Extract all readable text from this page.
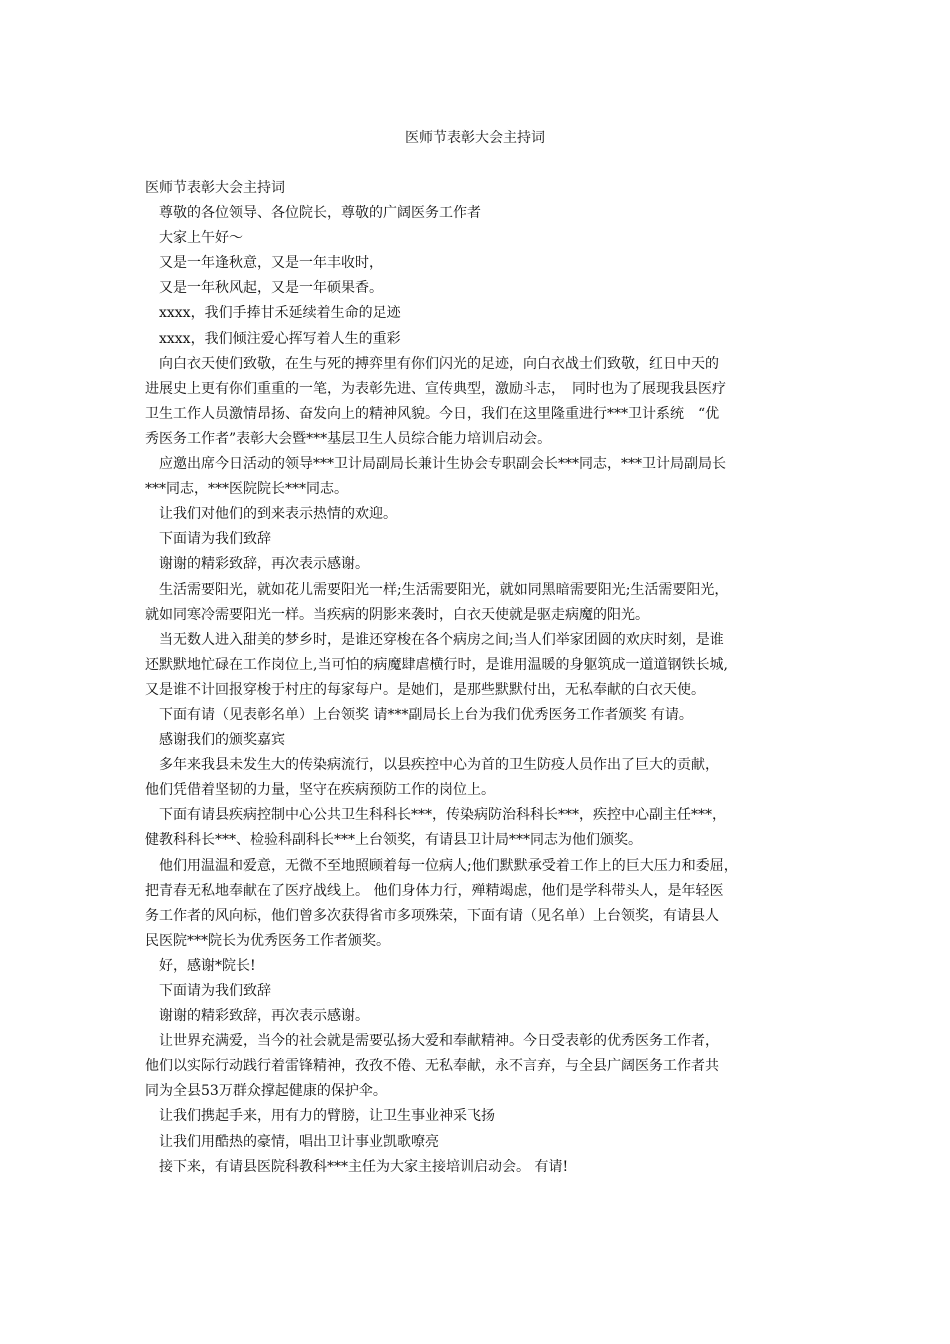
医师节表彰大会主持词

医师节表彰大会主持词

　尊敬的各位领导、各位院长，尊敬的广阔医务工作者

　大家上午好～

　又是一年逢秋意，又是一年丰收时，

　又是一年秋风起，又是一年硕果香。

　xxxx，我们手捧甘禾延续着生命的足迹

　xxxx，我们倾注爱心挥写着人生的重彩

　向白衣天使们致敬，在生与死的搏弈里有你们闪光的足迹，向白衣战士们致敬，红日中天的

进展史上更有你们重重的一笔，为表彰先进、宣传典型，激励斗志，　同时也为了展现我县医疗

卫生工作人员激情昂扬、奋发向上的精神风貌。今日，我们在这里隆重进行***卫计系统　“优

秀医务工作者”表彰大会暨***基层卫生人员综合能力培训启动会。

　应邀出席今日活动的领导***卫计局副局长兼计生协会专职副会长***同志，***卫计局副局长

***同志，***医院院长***同志。

　让我们对他们的到来表示热情的欢迎。

　下面请为我们致辞

　谢谢的精彩致辞，再次表示感谢。

　生活需要阳光，就如花儿需要阳光一样;生活需要阳光，就如同黑暗需要阳光;生活需要阳光，

就如同寒冷需要阳光一样。当疾病的阴影来袭时，白衣天使就是驱走病魔的阳光。

　当无数人进入甜美的梦乡时，是谁还穿梭在各个病房之间;当人们举家团圆的欢庆时刻，是谁

还默默地忙碌在工作岗位上,当可怕的病魔肆虐横行时，是谁用温暖的身躯筑成一道道钢铁长城,

又是谁不计回报穿梭于村庄的每家每户。是她们，是那些默默付出，无私奉献的白衣天使。

　下面有请（见表彰名单）上台领奖 请***副局长上台为我们优秀医务工作者颁奖 有请。

　感谢我们的颁奖嘉宾

　多年来我县未发生大的传染病流行，以县疾控中心为首的卫生防疫人员作出了巨大的贡献，

他们凭借着坚韧的力量，坚守在疾病预防工作的岗位上。

　下面有请县疾病控制中心公共卫生科科长***，传染病防治科科长***，疾控中心副主任***，

健教科科长***、检验科副科长***上台领奖，有请县卫计局***同志为他们颁奖。

　他们用温温和爱意，无微不至地照顾着每一位病人;他们默默承受着工作上的巨大压力和委屈，

把青春无私地奉献在了医疗战线上。 他们身体力行，殚精竭虑，他们是学科带头人，是年轻医

务工作者的风向标，他们曾多次获得省市多项殊荣，下面有请（见名单）上台领奖，有请县人

民医院***院长为优秀医务工作者颁奖。

　好，感谢*院长!

　下面请为我们致辞

　谢谢的精彩致辞，再次表示感谢。

　让世界充满爱，当今的社会就是需要弘扬大爱和奉献精神。今日受表彰的优秀医务工作者，

他们以实际行动践行着雷锋精神，孜孜不倦、无私奉献，永不言弃，与全县广阔医务工作者共

同为全县53万群众撑起健康的保护伞。

　让我们携起手来，用有力的臂膀，让卫生事业神采飞扬

　让我们用酷热的豪情，唱出卫计事业凯歌嘹亮

　接下来，有请县医院科教科***主任为大家主接培训启动会。 有请!
